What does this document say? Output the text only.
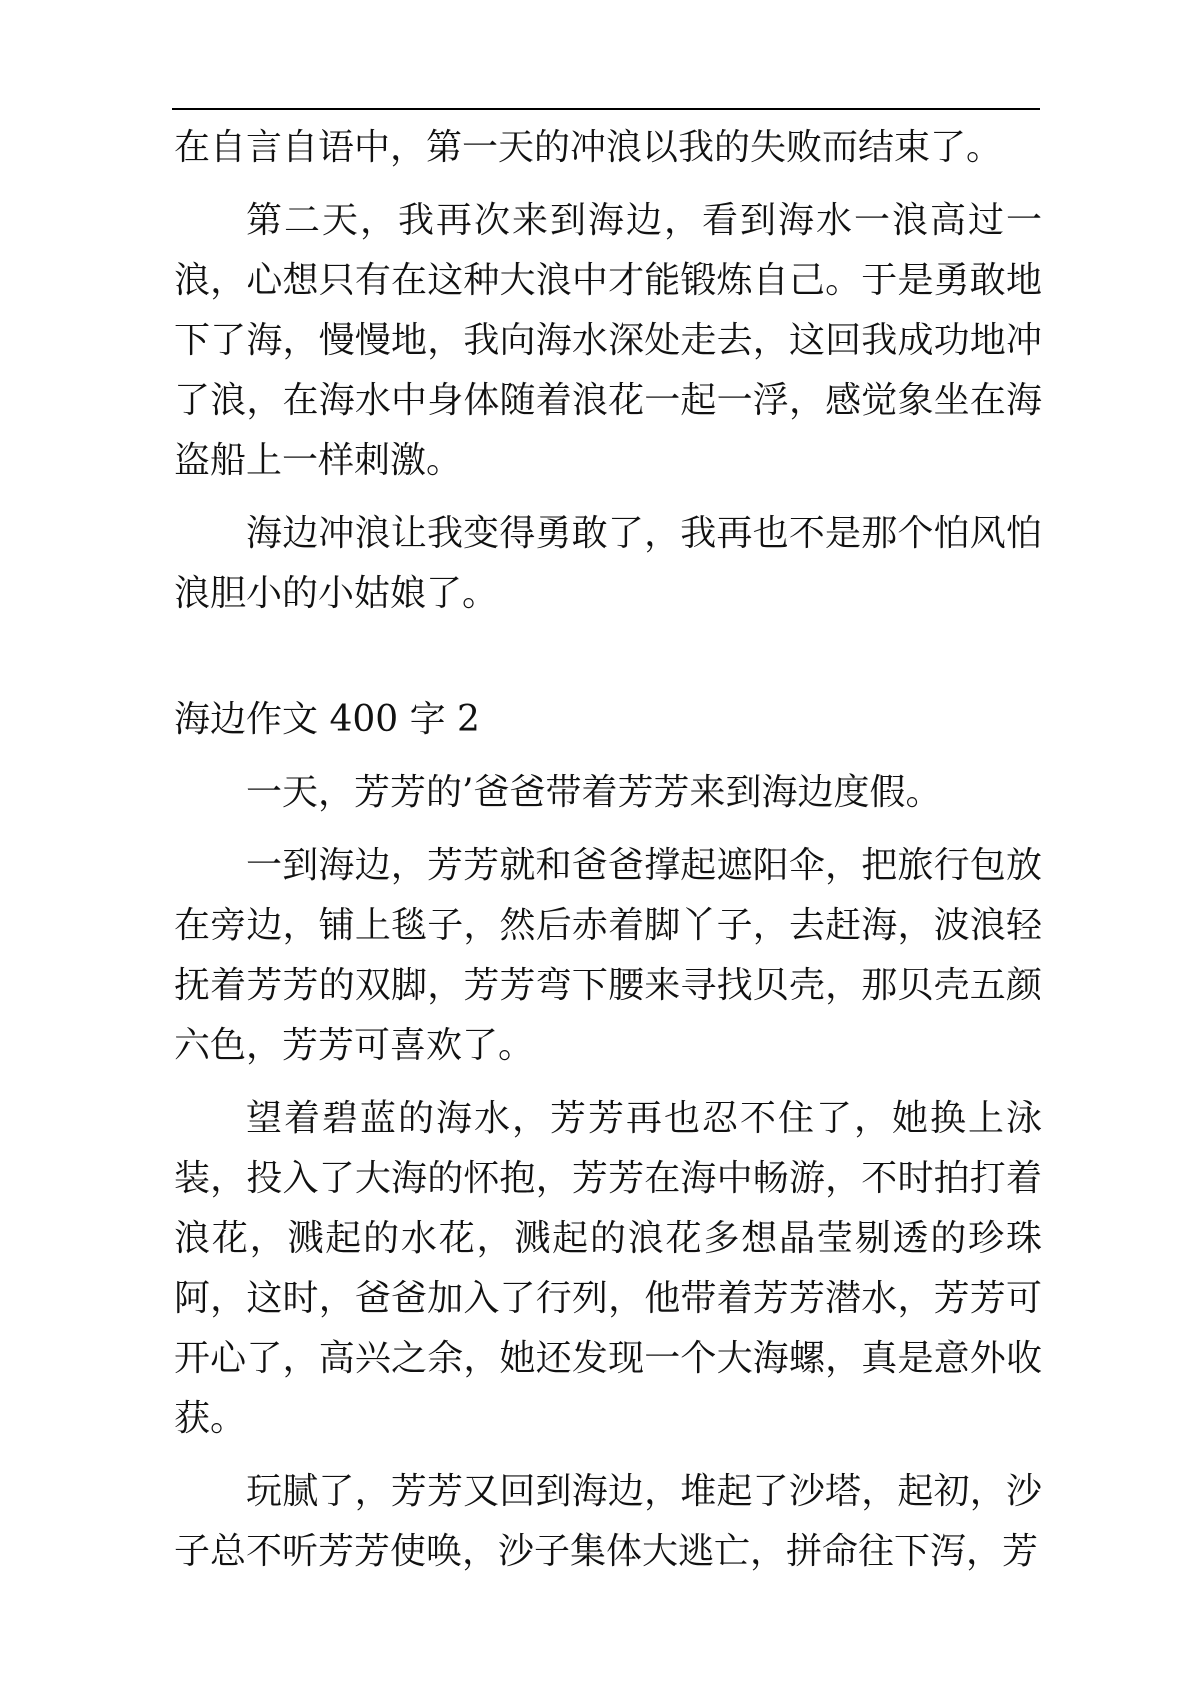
在自言自语中，第一天的冲浪以我的失败而结束了。

第二天，我再次来到海边，看到海水一浪高过一浪，心想只有在这种大浪中才能锻炼自己。于是勇敢地下了海，慢慢地，我向海水深处走去，这回我成功地冲了浪，在海水中身体随着浪花一起一浮，感觉象坐在海盗船上一样刺激。

海边冲浪让我变得勇敢了，我再也不是那个怕风怕浪胆小的小姑娘了。

海边作文 400 字 2

一天，芳芳的’爸爸带着芳芳来到海边度假。

一到海边，芳芳就和爸爸撑起遮阳伞，把旅行包放在旁边，铺上毯子，然后赤着脚丫子，去赶海，波浪轻抚着芳芳的双脚，芳芳弯下腰来寻找贝壳，那贝壳五颜六色，芳芳可喜欢了。

望着碧蓝的海水，芳芳再也忍不住了，她换上泳装，投入了大海的怀抱，芳芳在海中畅游，不时拍打着浪花，溅起的水花，溅起的浪花多想晶莹剔透的珍珠阿，这时，爸爸加入了行列，他带着芳芳潜水，芳芳可开心了，高兴之余，她还发现一个大海螺，真是意外收获。

玩腻了，芳芳又回到海边，堆起了沙塔，起初，沙子总不听芳芳使唤，沙子集体大逃亡，拼命往下泻，芳
